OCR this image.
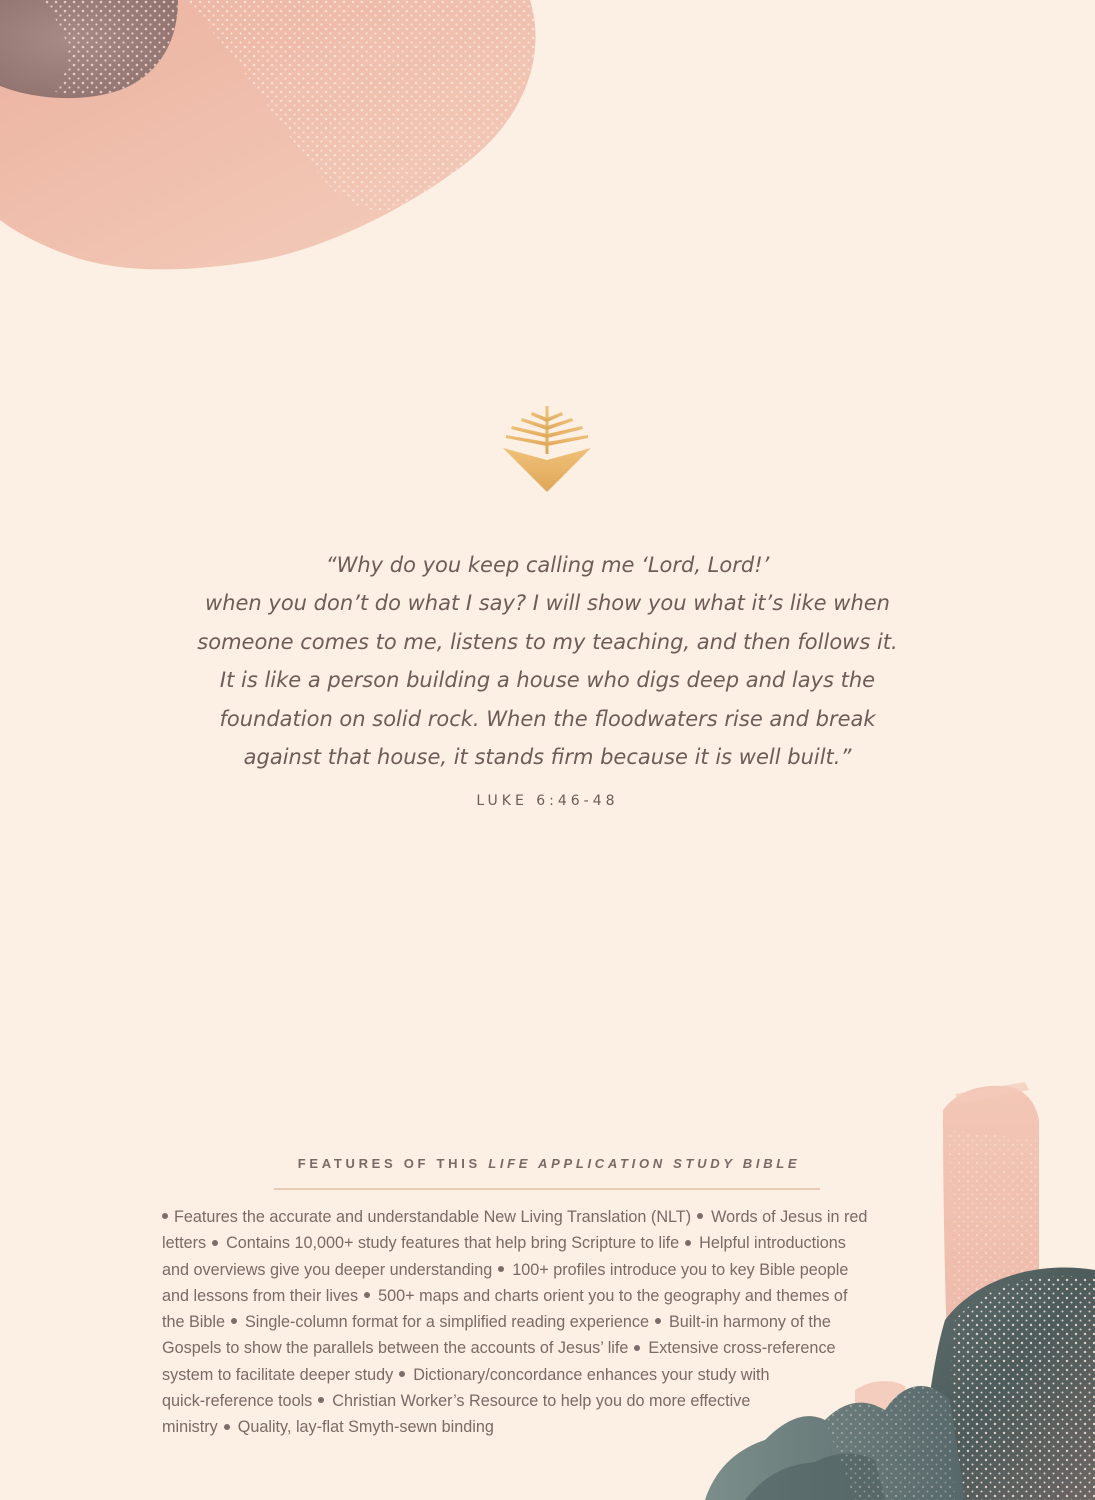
“Why do you keep calling me ‘Lord, Lord!’
when you don’t do what I say? I will show you what it’s like when
someone comes to me, listens to my teaching, and then follows it.
It is like a person building a house who digs deep and lays the
foundation on solid rock. When the floodwaters rise and break
against that house, it stands firm because it is well built.”

LUKE 6:46-48
FEATURES OF THIS LIFE APPLICATION STUDY BIBLE
Features the accurate and understandable New Living Translation (NLT) Words of Jesus in red
letters Contains 10,000+ study features that help bring Scripture to life Helpful introductions
and overviews give you deeper understanding 100+ profiles introduce you to key Bible people
and lessons from their lives 500+ maps and charts orient you to the geography and themes of
the Bible Single-column format for a simplified reading experience Built-in harmony of the
Gospels to show the parallels between the accounts of Jesus’ life Extensive cross-reference
system to facilitate deeper study Dictionary/concordance enhances your study with
quick-reference tools Christian Worker’s Resource to help you do more effective
ministry Quality, lay-flat Smyth-sewn binding
